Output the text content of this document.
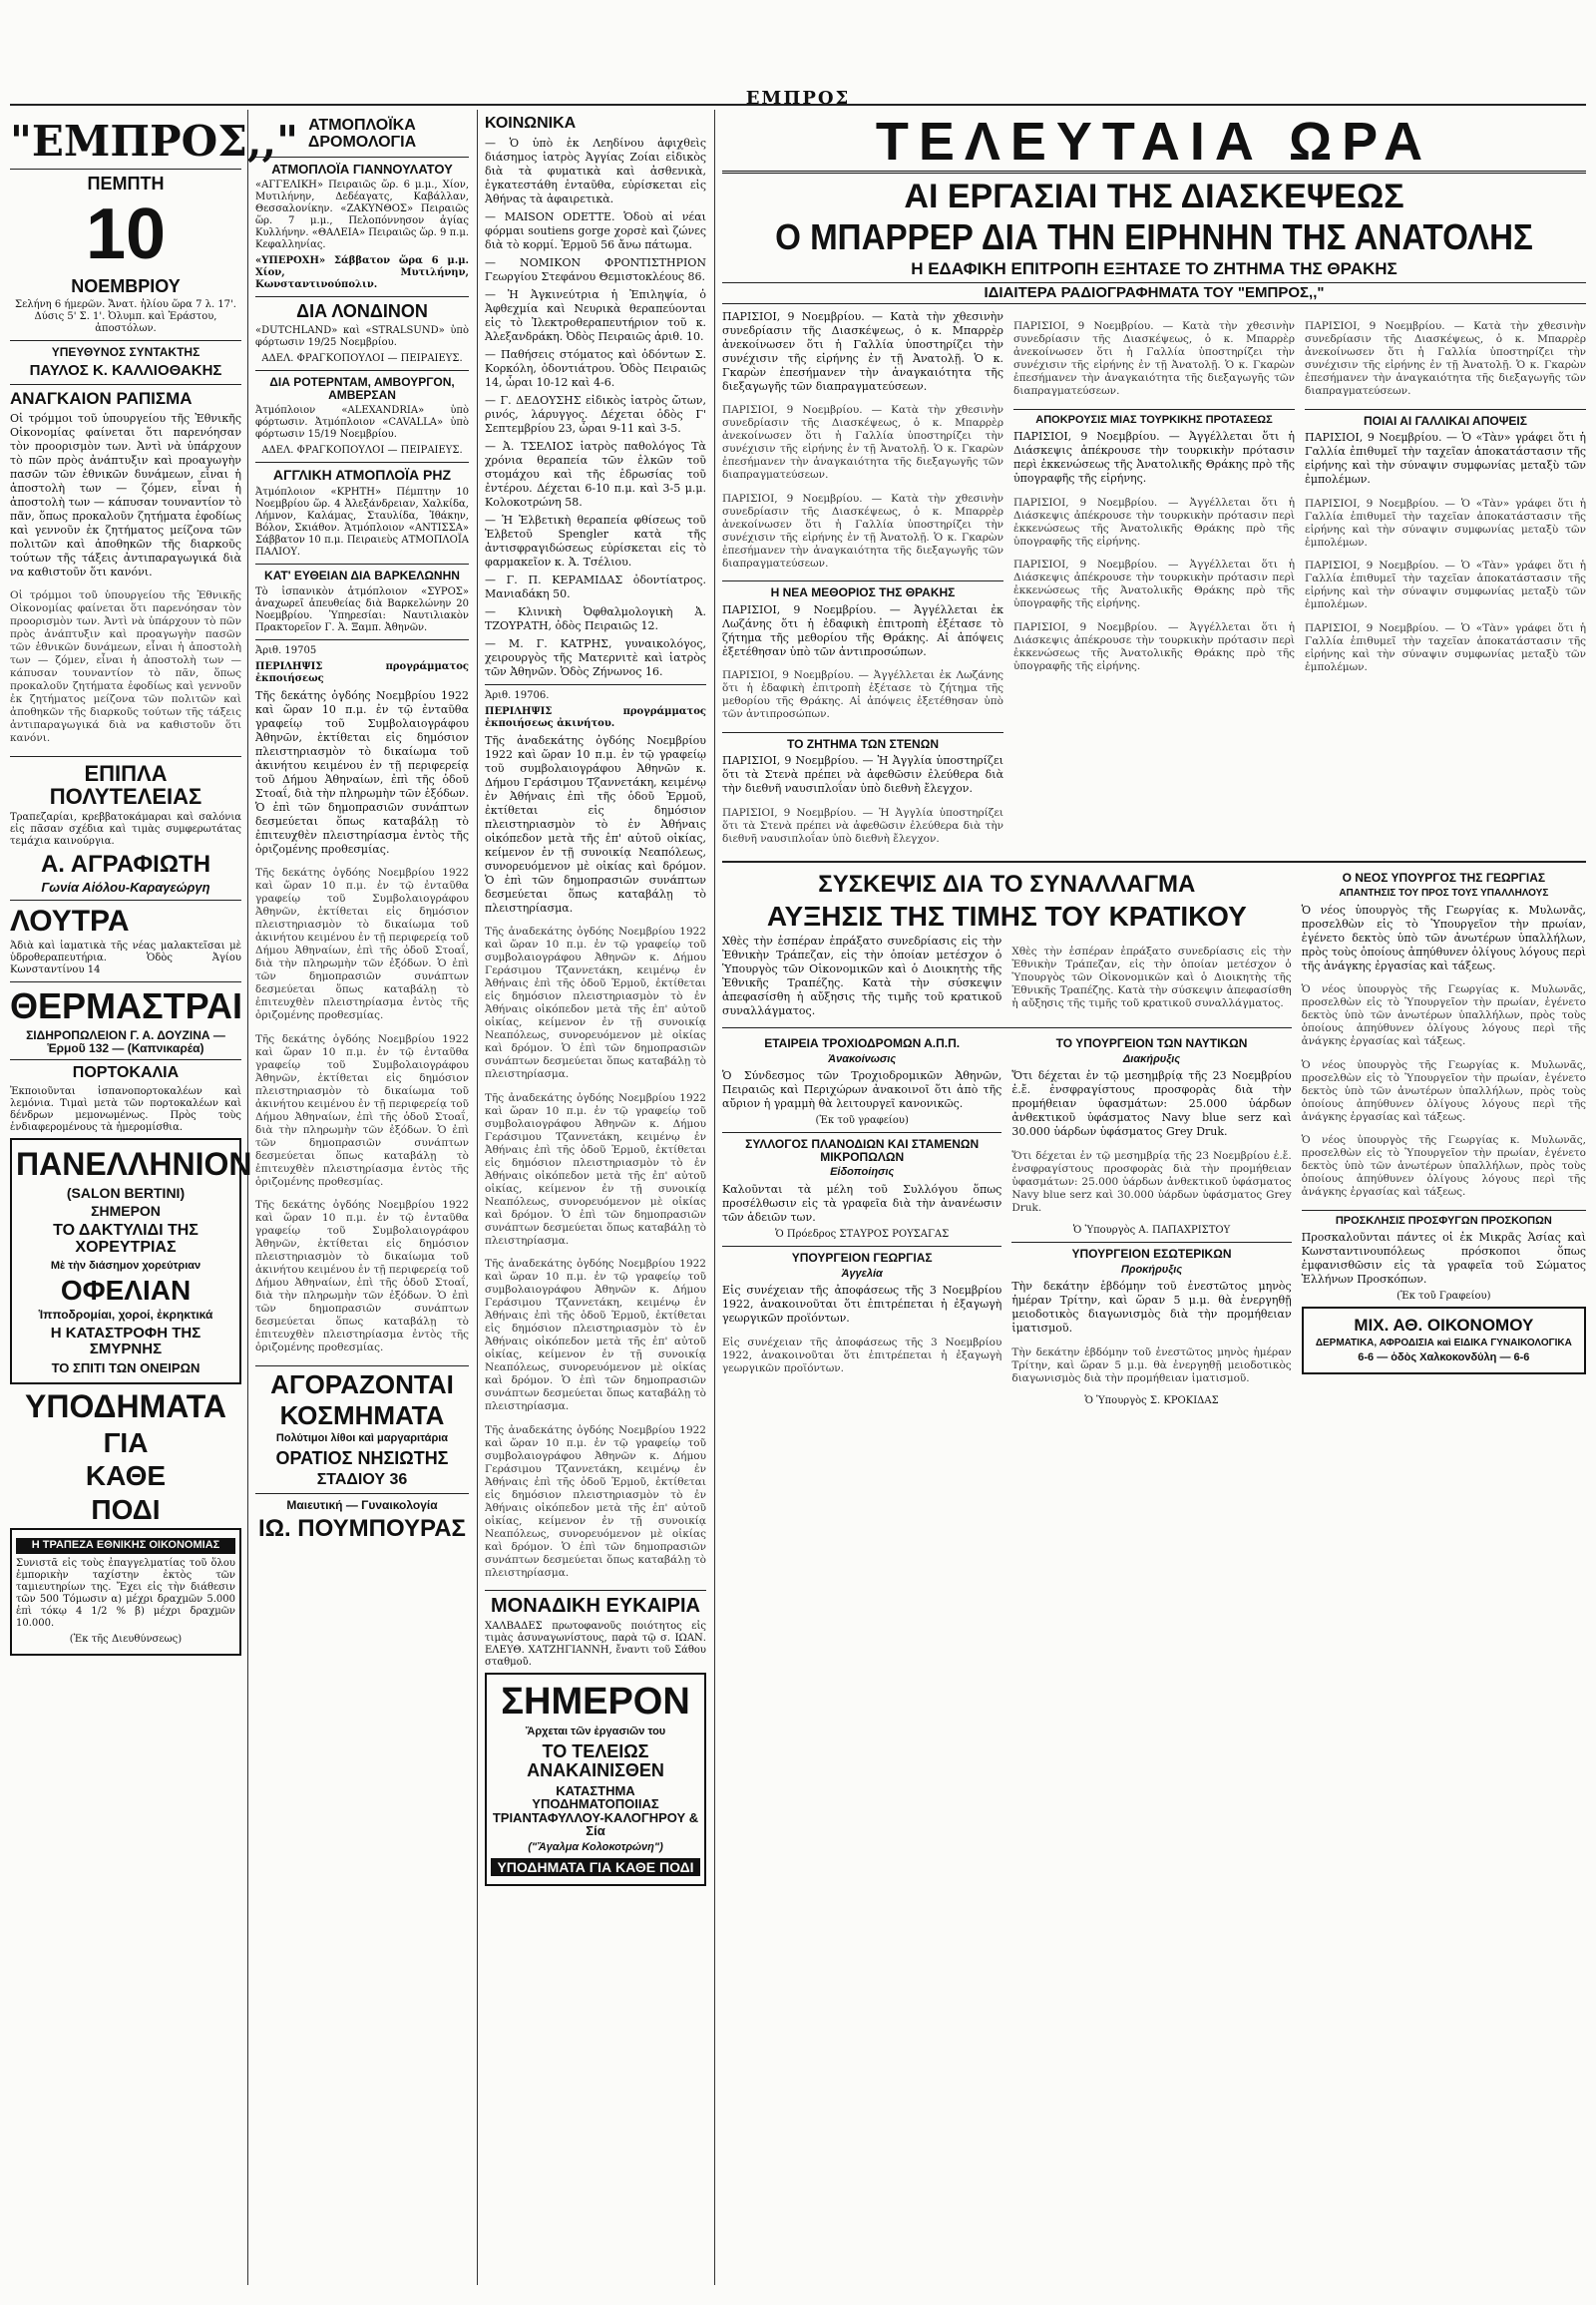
ΕΜΠΡΟΣ
"ΕΜΠΡΟΣ,,"
ΠΕΜΠΤΗ
10
ΝΟΕΜΒΡΙΟΥ

Σελήνη 6 ήμερῶν. Ἄνατ. ἡλίου ὥρα 7 λ. 17'. Δύσις 5' Σ. 1'. Ὀλυμπ. καὶ Ἐράστου, ἀποστόλων.

ΥΠΕΥΘΥΝΟΣ ΣΥΝΤΑΚΤΗΣ
ΠΑΥΛΟΣ Κ. ΚΑΛΛΙΟΘΑΚΗΣ
ΑΝΑΓΚΑΙΟΝ ΡΑΠΙΣΜΑ

Οἱ τρόμμοι τοῦ ὑπουργείου τῆς Ἐθνικῆς Οἰκονομίας φαίνεται ὅτι παρενόησαν τὸν προορισμὸν των. Ἀντὶ νὰ ὑπάρχουν τὸ πῶν πρὸς ἀνάπτυξιν καὶ προαγωγὴν πασῶν τῶν ἐθνικῶν δυνάμεων, εἶναι ἡ ἀποστολὴ των — ζόμεν, εἶναι ἡ ἀποστολὴ των — κάπυσαν τουναντίον τὸ πᾶν, ὅπως προκαλοῦν ζητήματα ἐφοδίως καὶ γεννοῦν ἐκ ζητήματος μείζονα τῶν πολιτῶν καὶ ἀποθηκῶν τῆς διαρκοῦς τούτων τῆς τάξεις ἀντιπαραγωγικά διὰ να καθιστοῦν ὅτι κανόνι.

Οἱ τρόμμοι τοῦ ὑπουργείου τῆς Ἐθνικῆς Οἰκονομίας φαίνεται ὅτι παρενόησαν τὸν προορισμὸν των. Ἀντὶ νὰ ὑπάρχουν τὸ πῶν πρὸς ἀνάπτυξιν καὶ προαγωγὴν πασῶν τῶν ἐθνικῶν δυνάμεων, εἶναι ἡ ἀποστολὴ των — ζόμεν, εἶναι ἡ ἀποστολὴ των — κάπυσαν τουναντίον τὸ πᾶν, ὅπως προκαλοῦν ζητήματα ἐφοδίως καὶ γεννοῦν ἐκ ζητήματος μείζονα τῶν πολιτῶν καὶ ἀποθηκῶν τῆς διαρκοῦς τούτων τῆς τάξεις ἀντιπαραγωγικά διὰ να καθιστοῦν ὅτι κανόνι.

ΕΠΙΠΛΑ ΠΟΛΥΤΕΛΕΙΑΣ

Τραπεζαρίαι, κρεββατοκάμαραι καὶ σαλόνια εἰς πᾶσαν σχέδια καὶ τιμὰς συμφερωτάτας τεμάχια καινούργια.

Α. ΑΓΡΑΦΙΩΤΗ
Γωνία Αἰόλου-Καραγεώργη
ΛΟΥΤΡΑ

Ἀδιὰ καὶ ἰαματικὰ τῆς νέας μαλακτεῖσαι μὲ ὑδροθεραπευτήρια. Ὁδὸς Ἀγίου Κωνσταντίνου 14

ΘΕΡΜΑΣΤΡΑΙ
ΣΙΔΗΡΟΠΩΛΕΙΟΝ Γ. Α. ΔΟΥΖΙΝΑ — Ἑρμοῦ 132 — (Καπνικαρέα)
ΠΟΡΤΟΚΑΛΙΑ

Ἐκποιοῦνται ἰσπανοπορτοκαλέων καὶ λεμόνια. Τιμαὶ μετὰ τῶν πορτοκαλέων καὶ δένδρων μεμονωμένως. Πρὸς τοὺς ἐνδιαφερομένους τὰ ἡμερομίσθια.

ΠΑΝΕΛΛΗΝΙΟΝ
(SALON BERTINI)
ΣΗΜΕΡΟΝ
ΤΟ ΔΑΚΤΥΛΙΔΙ ΤΗΣ ΧΟΡΕΥΤΡΙΑΣ
Μὲ τὴν διάσημον χορεύτριαν
ΟΦΕΛΙΑΝ
Ἱπποδρομίαι, χοροί, ἐκρηκτικά
Η ΚΑΤΑΣΤΡΟΦΗ ΤΗΣ ΣΜΥΡΝΗΣ
ΤΟ ΣΠΙΤΙ ΤΩΝ ΟΝΕΙΡΩΝ
ΥΠΟΔΗΜΑΤΑ
ΓΙΑ
ΚΑΘΕ
ΠΟΔΙ
Η ΤΡΑΠΕΖΑ ΕΘΝΙΚΗΣ ΟΙΚΟΝΟΜΙΑΣ

Συνιστᾶ εἰς τοὺς ἐπαγγελματίας τοῦ ὅλου ἐμπορικὴν ταχίστην ἐκτὸς τῶν ταμιευτηρίων της. Ἔχει εἰς τὴν διάθεσιν τῶν 500 Τόμωσιν α) μέχρι δραχμῶν 5.000 ἐπὶ τόκῳ 4 1/2 % β) μέχρι δραχμῶν 10.000.

(Ἐκ τῆς Διευθύνσεως)

ΑΤΜΟΠΛΟΪΚΑ ΔΡΟΜΟΛΟΓΙΑ
ΑΤΜΟΠΛΟΪΑ ΓΙΑΝΝΟΥΛΑΤΟΥ

«ΑΓΓΕΛΙΚΗ» Πειραιῶς ὥρ. 6 μ.μ., Χίον, Μυτιλήνην, Δεδέαγατς, Καβάλλαν, Θεσσαλονίκην. «ΖΑΚΥΝΘΟΣ» Πειραιῶς ὥρ. 7 μ.μ., Πελοπόννησον ἀγίας Κυλλήνην. «ΘΑΛΕΙΑ» Πειραιῶς ὥρ. 9 π.μ. Κεφαλληνίας.

«ΥΠΕΡΟΧΗ» Σάββατον ὥρα 6 μ.μ. Χίον, Μυτιλήνην, Κωνσταντινούπολιν.

ΔΙΑ ΛΟΝΔΙΝΟΝ

«DUTCHLAND» καὶ «STRALSUND» ὑπὸ φόρτωσιν 19/25 Νοεμβρίου.

ΑΔΕΛ. ΦΡΑΓΚΟΠΟΥΛΟΙ — ΠΕΙΡΑΙΕΥΣ.

ΔΙΑ ΡΟΤΕΡΝΤΑΜ, ΑΜΒΟΥΡΓΟΝ, ΑΜΒΕΡΣΑΝ

Ἀτμόπλοιον «ALEXANDRIA» ὑπὸ φόρτωσιν. Ἀτμόπλοιον «CAVALLA» ὑπὸ φόρτωσιν 15/19 Νοεμβρίου.

ΑΔΕΛ. ΦΡΑΓΚΟΠΟΥΛΟΙ — ΠΕΙΡΑΙΕΥΣ.

ΑΓΓΛΙΚΗ ΑΤΜΟΠΛΟΪΑ ΡΗΖ

Ἀτμόπλοιον «ΚΡΗΤΗ» Πέμπτην 10 Νοεμβρίου ὥρ. 4 Ἀλεξάνδρειαν, Χαλκίδα, Λήμνον, Καλάμας, Σταυλίδα, Ἰθάκην, Βόλον, Σκιάθον. Ἀτμόπλοιον «ΑΝΤΙΣΣΑ» Σάββατον 10 π.μ. Πειραιεὺς ΑΤΜΟΠΛΟΪΑ ΠΑΛΙΟΥ.

ΚΑΤ' ΕΥΘΕΙΑΝ ΔΙΑ ΒΑΡΚΕΛΩΝΗΝ

Τὸ ἰσπανικὸν ἀτμόπλοιον «ΣΥΡΟΣ» ἀναχωρεῖ ἀπευθείας διὰ Βαρκελώνην 20 Νοεμβρίου. Ὑπηρεσίαι: Ναυτιλιακὸν Πρακτορεῖον Γ. Ἀ. Ξαμπ. Ἀθηνῶν.

Ἀριθ. 19705

ΠΕΡΙΛΗΨΙΣ προγράμματος ἐκποιήσεως

Τῆς δεκάτης ὀγδόης Νοεμβρίου 1922 καὶ ὥραν 10 π.μ. ἐν τῷ ἐνταῦθα γραφείῳ τοῦ Συμβολαιογράφου Ἀθηνῶν, ἐκτίθεται εἰς δημόσιον πλειστηριασμὸν τὸ δικαίωμα τοῦ ἀκινήτου κειμένου ἐν τῇ περιφερείᾳ τοῦ Δήμου Ἀθηναίων, ἐπὶ τῆς ὁδοῦ Στοαΐ, διὰ τὴν πληρωμὴν τῶν ἐξόδων. Ὁ ἐπὶ τῶν δημοπρασιῶν συνάπτων δεσμεύεται ὅπως καταβάλῃ τὸ ἐπιτευχθὲν πλειστηρίασμα ἐντὸς τῆς ὁριζομένης προθεσμίας.

Τῆς δεκάτης ὀγδόης Νοεμβρίου 1922 καὶ ὥραν 10 π.μ. ἐν τῷ ἐνταῦθα γραφείῳ τοῦ Συμβολαιογράφου Ἀθηνῶν, ἐκτίθεται εἰς δημόσιον πλειστηριασμὸν τὸ δικαίωμα τοῦ ἀκινήτου κειμένου ἐν τῇ περιφερείᾳ τοῦ Δήμου Ἀθηναίων, ἐπὶ τῆς ὁδοῦ Στοαΐ, διὰ τὴν πληρωμὴν τῶν ἐξόδων. Ὁ ἐπὶ τῶν δημοπρασιῶν συνάπτων δεσμεύεται ὅπως καταβάλῃ τὸ ἐπιτευχθὲν πλειστηρίασμα ἐντὸς τῆς ὁριζομένης προθεσμίας.

Τῆς δεκάτης ὀγδόης Νοεμβρίου 1922 καὶ ὥραν 10 π.μ. ἐν τῷ ἐνταῦθα γραφείῳ τοῦ Συμβολαιογράφου Ἀθηνῶν, ἐκτίθεται εἰς δημόσιον πλειστηριασμὸν τὸ δικαίωμα τοῦ ἀκινήτου κειμένου ἐν τῇ περιφερείᾳ τοῦ Δήμου Ἀθηναίων, ἐπὶ τῆς ὁδοῦ Στοαΐ, διὰ τὴν πληρωμὴν τῶν ἐξόδων. Ὁ ἐπὶ τῶν δημοπρασιῶν συνάπτων δεσμεύεται ὅπως καταβάλῃ τὸ ἐπιτευχθὲν πλειστηρίασμα ἐντὸς τῆς ὁριζομένης προθεσμίας.

Τῆς δεκάτης ὀγδόης Νοεμβρίου 1922 καὶ ὥραν 10 π.μ. ἐν τῷ ἐνταῦθα γραφείῳ τοῦ Συμβολαιογράφου Ἀθηνῶν, ἐκτίθεται εἰς δημόσιον πλειστηριασμὸν τὸ δικαίωμα τοῦ ἀκινήτου κειμένου ἐν τῇ περιφερείᾳ τοῦ Δήμου Ἀθηναίων, ἐπὶ τῆς ὁδοῦ Στοαΐ, διὰ τὴν πληρωμὴν τῶν ἐξόδων. Ὁ ἐπὶ τῶν δημοπρασιῶν συνάπτων δεσμεύεται ὅπως καταβάλῃ τὸ ἐπιτευχθὲν πλειστηρίασμα ἐντὸς τῆς ὁριζομένης προθεσμίας.

ΑΓΟΡΑΖΟΝΤΑΙ
ΚΟΣΜΗΜΑΤΑ
Πολύτιμοι λίθοι καὶ μαργαριτάρια
ΟΡΑΤΙΟΣ ΝΗΣΙΩΤΗΣ
ΣΤΑΔΙΟΥ 36
Μαιευτική — Γυναικολογία
ΙΩ. ΠΟΥΜΠΟΥΡΑΣ
ΚΟΙΝΩΝΙΚΑ

— Ὁ ὑπὸ ἐκ Λεηδίνου ἀφιχθεὶς διάσημος ἰατρὸς Ἀγγίας Ζοίαι εἰδικὸς διὰ τὰ φυματικὰ καὶ ἀσθενικὰ, ἐγκατεστάθη ἐνταῦθα, εὑρίσκεται εἰς Ἀθήνας τὰ ἀφαιρετικὰ.

— MAISON ODETTE. Ὁδοὺ αἱ νέαι φόρμαι soutiens gorge χορσὲ καὶ ζώνες διὰ τὸ κορμί. Ἑρμοῦ 56 ἄνω πάτωμα.

— ΝΟΜΙΚΟΝ ΦΡΟΝΤΙΣΤΗΡΙΟΝ Γεωργίου Στεφάνου Θεμιστοκλέους 86.

— Ἡ Ἀγκινεύτρια ἡ Ἐπιληψία, ὁ Ἀφθεχμία καὶ Νευρικὰ θεραπεύονται εἰς τὸ Ἰλεκτροθεραπευτήριον τοῦ κ. Ἀλεξανδράκη. Ὀδὸς Πειραιῶς ἀριθ. 10.

— Παθήσεις στόματος καὶ ὀδόντων Σ. Κορκόλη, ὀδοντιάτρου. Ὁδὸς Πειραιῶς 14, ὧραι 10-12 καὶ 4-6.

— Γ. ΔΕΔΟΥΣΗΣ εἰδικὸς ἰατρὸς ὤτων, ρινός, λάρυγγος. Δέχεται ὁδὸς Γ' Σεπτεμβρίου 23, ὧραι 9-11 καὶ 3-5.

— Ἀ. ΤΣΕΛΙΟΣ ἰατρὸς παθολόγος Τὰ χρόνια θεραπεία τῶν ἐλκῶν τοῦ στομάχου καὶ τῆς ἐδρωσίας τοῦ ἐντέρου. Δέχεται 6-10 π.μ. καὶ 3-5 μ.μ. Κολοκοτρώνη 58.

— Ἡ Ἑλβετικὴ θεραπεία φθίσεως τοῦ Ἐλβετοῦ Spengler κατὰ τῆς ἀντισφραγιδώσεως εὑρίσκεται εἰς τὸ φαρμακεῖον κ. Ἀ. Τσέλιου.

— Γ. Π. ΚΕΡΑΜΙΔΑΣ ὀδοντίατρος. Μανιαδάκη 50.

— Κλινικὴ Ὀφθαλμολογικὴ Ἀ. ΤΖΟΥΡΑΤΗ, ὁδὸς Πειραιῶς 12.

— Μ. Γ. ΚΑΤΡΗΣ, γυναικολόγος, χειρουργὸς τῆς Ματερνιτὲ καὶ ἰατρὸς τῶν Ἀθηνῶν. Ὁδὸς Ζήνωνος 16.

Ἀριθ. 19706.

ΠΕΡΙΛΗΨΙΣ προγράμματος ἐκποιήσεως ἀκινήτου.

Τῆς ἀναδεκάτης ὀγδόης Νοεμβρίου 1922 καὶ ὥραν 10 π.μ. ἐν τῷ γραφείῳ τοῦ συμβολαιογράφου Ἀθηνῶν κ. Δήμου Γεράσιμου Τζαννετάκη, κειμένῳ ἐν Ἀθήναις ἐπὶ τῆς ὁδοῦ Ἑρμοῦ, ἐκτίθεται εἰς δημόσιον πλειστηριασμὸν τὸ ἐν Ἀθήναις οἰκόπεδον μετὰ τῆς ἐπ' αὐτοῦ οἰκίας, κείμενον ἐν τῇ συνοικίᾳ Νεαπόλεως, συνορευόμενον μὲ οἰκίας καὶ δρόμον. Ὁ ἐπὶ τῶν δημοπρασιῶν συνάπτων δεσμεύεται ὅπως καταβάλῃ τὸ πλειστηρίασμα.

Τῆς ἀναδεκάτης ὀγδόης Νοεμβρίου 1922 καὶ ὥραν 10 π.μ. ἐν τῷ γραφείῳ τοῦ συμβολαιογράφου Ἀθηνῶν κ. Δήμου Γεράσιμου Τζαννετάκη, κειμένῳ ἐν Ἀθήναις ἐπὶ τῆς ὁδοῦ Ἑρμοῦ, ἐκτίθεται εἰς δημόσιον πλειστηριασμὸν τὸ ἐν Ἀθήναις οἰκόπεδον μετὰ τῆς ἐπ' αὐτοῦ οἰκίας, κείμενον ἐν τῇ συνοικίᾳ Νεαπόλεως, συνορευόμενον μὲ οἰκίας καὶ δρόμον. Ὁ ἐπὶ τῶν δημοπρασιῶν συνάπτων δεσμεύεται ὅπως καταβάλῃ τὸ πλειστηρίασμα.

Τῆς ἀναδεκάτης ὀγδόης Νοεμβρίου 1922 καὶ ὥραν 10 π.μ. ἐν τῷ γραφείῳ τοῦ συμβολαιογράφου Ἀθηνῶν κ. Δήμου Γεράσιμου Τζαννετάκη, κειμένῳ ἐν Ἀθήναις ἐπὶ τῆς ὁδοῦ Ἑρμοῦ, ἐκτίθεται εἰς δημόσιον πλειστηριασμὸν τὸ ἐν Ἀθήναις οἰκόπεδον μετὰ τῆς ἐπ' αὐτοῦ οἰκίας, κείμενον ἐν τῇ συνοικίᾳ Νεαπόλεως, συνορευόμενον μὲ οἰκίας καὶ δρόμον. Ὁ ἐπὶ τῶν δημοπρασιῶν συνάπτων δεσμεύεται ὅπως καταβάλῃ τὸ πλειστηρίασμα.

Τῆς ἀναδεκάτης ὀγδόης Νοεμβρίου 1922 καὶ ὥραν 10 π.μ. ἐν τῷ γραφείῳ τοῦ συμβολαιογράφου Ἀθηνῶν κ. Δήμου Γεράσιμου Τζαννετάκη, κειμένῳ ἐν Ἀθήναις ἐπὶ τῆς ὁδοῦ Ἑρμοῦ, ἐκτίθεται εἰς δημόσιον πλειστηριασμὸν τὸ ἐν Ἀθήναις οἰκόπεδον μετὰ τῆς ἐπ' αὐτοῦ οἰκίας, κείμενον ἐν τῇ συνοικίᾳ Νεαπόλεως, συνορευόμενον μὲ οἰκίας καὶ δρόμον. Ὁ ἐπὶ τῶν δημοπρασιῶν συνάπτων δεσμεύεται ὅπως καταβάλῃ τὸ πλειστηρίασμα.

Τῆς ἀναδεκάτης ὀγδόης Νοεμβρίου 1922 καὶ ὥραν 10 π.μ. ἐν τῷ γραφείῳ τοῦ συμβολαιογράφου Ἀθηνῶν κ. Δήμου Γεράσιμου Τζαννετάκη, κειμένῳ ἐν Ἀθήναις ἐπὶ τῆς ὁδοῦ Ἑρμοῦ, ἐκτίθεται εἰς δημόσιον πλειστηριασμὸν τὸ ἐν Ἀθήναις οἰκόπεδον μετὰ τῆς ἐπ' αὐτοῦ οἰκίας, κείμενον ἐν τῇ συνοικίᾳ Νεαπόλεως, συνορευόμενον μὲ οἰκίας καὶ δρόμον. Ὁ ἐπὶ τῶν δημοπρασιῶν συνάπτων δεσμεύεται ὅπως καταβάλῃ τὸ πλειστηρίασμα.

ΜΟΝΑΔΙΚΗ ΕΥΚΑΙΡΙΑ

ΧΑΛΒΑΔΕΣ πρωτοφανοῦς ποιότητος εἰς τιμὰς ἀσυναγωνίστους, παρὰ τῷ σ. ΙΩΑΝ. ΕΛΕΥΘ. ΧΑΤΖΗΓΙΑΝΝΗ, ἔναντι τοῦ Σάθου σταθμοῦ.

ΣΗΜΕΡΟΝ
Ἄρχεται τῶν ἐργασιῶν του
ΤΟ ΤΕΛΕΙΩΣ ΑΝΑΚΑΙΝΙΣΘΕΝ
ΚΑΤΑΣΤΗΜΑ ΥΠΟΔΗΜΑΤΟΠΟΙΙΑΣ ΤΡΙΑΝΤΑΦΥΛΛΟΥ-ΚΑΛΟΓΗΡΟΥ & Σία
("Ἄγαλμα Κολοκοτρώνη")
ΥΠΟΔΗΜΑΤΑ ΓΙΑ ΚΑΘΕ ΠΟΔΙ
ΤΕΛΕΥΤΑΙΑ ΩΡΑ
ΑΙ ΕΡΓΑΣΙΑΙ ΤΗΣ ΔΙΑΣΚΕΨΕΩΣ
Ο ΜΠΑΡΡΕΡ ΔΙΑ ΤΗΝ ΕΙΡΗΝΗΝ ΤΗΣ ΑΝΑΤΟΛΗΣ
Η ΕΔΑΦΙΚΗ ΕΠΙΤΡΟΠΗ ΕΞΗΤΑΣΕ ΤΟ ΖΗΤΗΜΑ ΤΗΣ ΘΡΑΚΗΣ
ΙΔΙΑΙΤΕΡΑ ΡΑΔΙΟΓΡΑΦΗΜΑΤΑ ΤΟΥ "ΕΜΠΡΟΣ,,"

ΠΑΡΙΣΙΟΙ, 9 Νοεμβρίου. — Κατὰ τὴν χθεσινὴν συνεδρίασιν τῆς Διασκέψεως, ὁ κ. Μπαρρὲρ ἀνεκοίνωσεν ὅτι ἡ Γαλλία ὑποστηρίζει τὴν συνέχισιν τῆς εἰρήνης ἐν τῇ Ἀνατολῇ. Ὁ κ. Γκαρὼν ἐπεσήμανεν τὴν ἀναγκαιότητα τῆς διεξαγωγῆς τῶν διαπραγματεύσεων.

ΠΑΡΙΣΙΟΙ, 9 Νοεμβρίου. — Κατὰ τὴν χθεσινὴν συνεδρίασιν τῆς Διασκέψεως, ὁ κ. Μπαρρὲρ ἀνεκοίνωσεν ὅτι ἡ Γαλλία ὑποστηρίζει τὴν συνέχισιν τῆς εἰρήνης ἐν τῇ Ἀνατολῇ. Ὁ κ. Γκαρὼν ἐπεσήμανεν τὴν ἀναγκαιότητα τῆς διεξαγωγῆς τῶν διαπραγματεύσεων.

ΠΑΡΙΣΙΟΙ, 9 Νοεμβρίου. — Κατὰ τὴν χθεσινὴν συνεδρίασιν τῆς Διασκέψεως, ὁ κ. Μπαρρὲρ ἀνεκοίνωσεν ὅτι ἡ Γαλλία ὑποστηρίζει τὴν συνέχισιν τῆς εἰρήνης ἐν τῇ Ἀνατολῇ. Ὁ κ. Γκαρὼν ἐπεσήμανεν τὴν ἀναγκαιότητα τῆς διεξαγωγῆς τῶν διαπραγματεύσεων.

Η ΝΕΑ ΜΕΘΟΡΙΟΣ ΤΗΣ ΘΡΑΚΗΣ

ΠΑΡΙΣΙΟΙ, 9 Νοεμβρίου. — Ἀγγέλλεται ἐκ Λωζάνης ὅτι ἡ ἐδαφικὴ ἐπιτροπὴ ἐξέτασε τὸ ζήτημα τῆς μεθορίου τῆς Θράκης. Αἱ ἀπόψεις ἐξετέθησαν ὑπὸ τῶν ἀντιπροσώπων.

ΠΑΡΙΣΙΟΙ, 9 Νοεμβρίου. — Ἀγγέλλεται ἐκ Λωζάνης ὅτι ἡ ἐδαφικὴ ἐπιτροπὴ ἐξέτασε τὸ ζήτημα τῆς μεθορίου τῆς Θράκης. Αἱ ἀπόψεις ἐξετέθησαν ὑπὸ τῶν ἀντιπροσώπων.

ΤΟ ΖΗΤΗΜΑ ΤΩΝ ΣΤΕΝΩΝ

ΠΑΡΙΣΙΟΙ, 9 Νοεμβρίου. — Ἡ Ἀγγλία ὑποστηρίζει ὅτι τὰ Στενὰ πρέπει νὰ ἀφεθῶσιν ἐλεύθερα διὰ τὴν διεθνῆ ναυσιπλοΐαν ὑπὸ διεθνὴ ἔλεγχον.

ΠΑΡΙΣΙΟΙ, 9 Νοεμβρίου. — Ἡ Ἀγγλία ὑποστηρίζει ὅτι τὰ Στενὰ πρέπει νὰ ἀφεθῶσιν ἐλεύθερα διὰ τὴν διεθνῆ ναυσιπλοΐαν ὑπὸ διεθνὴ ἔλεγχον.

ΠΑΡΙΣΙΟΙ, 9 Νοεμβρίου. — Κατὰ τὴν χθεσινὴν συνεδρίασιν τῆς Διασκέψεως, ὁ κ. Μπαρρὲρ ἀνεκοίνωσεν ὅτι ἡ Γαλλία ὑποστηρίζει τὴν συνέχισιν τῆς εἰρήνης ἐν τῇ Ἀνατολῇ. Ὁ κ. Γκαρὼν ἐπεσήμανεν τὴν ἀναγκαιότητα τῆς διεξαγωγῆς τῶν διαπραγματεύσεων.

ΑΠΟΚΡΟΥΣΙΣ ΜΙΑΣ ΤΟΥΡΚΙΚΗΣ ΠΡΟΤΑΣΕΩΣ

ΠΑΡΙΣΙΟΙ, 9 Νοεμβρίου. — Ἀγγέλλεται ὅτι ἡ Διάσκεψις ἀπέκρουσε τὴν τουρκικὴν πρότασιν περὶ ἐκκενώσεως τῆς Ἀνατολικῆς Θράκης πρὸ τῆς ὑπογραφῆς τῆς εἰρήνης.

ΠΑΡΙΣΙΟΙ, 9 Νοεμβρίου. — Ἀγγέλλεται ὅτι ἡ Διάσκεψις ἀπέκρουσε τὴν τουρκικὴν πρότασιν περὶ ἐκκενώσεως τῆς Ἀνατολικῆς Θράκης πρὸ τῆς ὑπογραφῆς τῆς εἰρήνης.

ΠΑΡΙΣΙΟΙ, 9 Νοεμβρίου. — Ἀγγέλλεται ὅτι ἡ Διάσκεψις ἀπέκρουσε τὴν τουρκικὴν πρότασιν περὶ ἐκκενώσεως τῆς Ἀνατολικῆς Θράκης πρὸ τῆς ὑπογραφῆς τῆς εἰρήνης.

ΠΑΡΙΣΙΟΙ, 9 Νοεμβρίου. — Ἀγγέλλεται ὅτι ἡ Διάσκεψις ἀπέκρουσε τὴν τουρκικὴν πρότασιν περὶ ἐκκενώσεως τῆς Ἀνατολικῆς Θράκης πρὸ τῆς ὑπογραφῆς τῆς εἰρήνης.

ΠΑΡΙΣΙΟΙ, 9 Νοεμβρίου. — Κατὰ τὴν χθεσινὴν συνεδρίασιν τῆς Διασκέψεως, ὁ κ. Μπαρρὲρ ἀνεκοίνωσεν ὅτι ἡ Γαλλία ὑποστηρίζει τὴν συνέχισιν τῆς εἰρήνης ἐν τῇ Ἀνατολῇ. Ὁ κ. Γκαρὼν ἐπεσήμανεν τὴν ἀναγκαιότητα τῆς διεξαγωγῆς τῶν διαπραγματεύσεων.

ΠΟΙΑΙ ΑΙ ΓΑΛΛΙΚΑΙ ΑΠΟΨΕΙΣ

ΠΑΡΙΣΙΟΙ, 9 Νοεμβρίου. — Ὁ «Τὰν» γράφει ὅτι ἡ Γαλλία ἐπιθυμεῖ τὴν ταχεῖαν ἀποκατάστασιν τῆς εἰρήνης καὶ τὴν σύναψιν συμφωνίας μεταξὺ τῶν ἐμπολέμων.

ΠΑΡΙΣΙΟΙ, 9 Νοεμβρίου. — Ὁ «Τὰν» γράφει ὅτι ἡ Γαλλία ἐπιθυμεῖ τὴν ταχεῖαν ἀποκατάστασιν τῆς εἰρήνης καὶ τὴν σύναψιν συμφωνίας μεταξὺ τῶν ἐμπολέμων.

ΠΑΡΙΣΙΟΙ, 9 Νοεμβρίου. — Ὁ «Τὰν» γράφει ὅτι ἡ Γαλλία ἐπιθυμεῖ τὴν ταχεῖαν ἀποκατάστασιν τῆς εἰρήνης καὶ τὴν σύναψιν συμφωνίας μεταξὺ τῶν ἐμπολέμων.

ΠΑΡΙΣΙΟΙ, 9 Νοεμβρίου. — Ὁ «Τὰν» γράφει ὅτι ἡ Γαλλία ἐπιθυμεῖ τὴν ταχεῖαν ἀποκατάστασιν τῆς εἰρήνης καὶ τὴν σύναψιν συμφωνίας μεταξὺ τῶν ἐμπολέμων.

ΣΥΣΚΕΨΙΣ ΔΙΑ ΤΟ ΣΥΝΑΛΛΑΓΜΑ
ΑΥΞΗΣΙΣ ΤΗΣ ΤΙΜΗΣ ΤΟΥ ΚΡΑΤΙΚΟΥ

Χθὲς τὴν ἑσπέραν ἐπράξατο συνεδρίασις εἰς τὴν Ἐθνικὴν Τράπεζαν, εἰς τὴν ὁποίαν μετέσχον ὁ Ὑπουργὸς τῶν Οἰκονομικῶν καὶ ὁ Διοικητὴς τῆς Ἐθνικῆς Τραπέζης. Κατὰ τὴν σύσκεψιν ἀπεφασίσθη ἡ αὔξησις τῆς τιμῆς τοῦ κρατικοῦ συναλλάγματος.

Χθὲς τὴν ἑσπέραν ἐπράξατο συνεδρίασις εἰς τὴν Ἐθνικὴν Τράπεζαν, εἰς τὴν ὁποίαν μετέσχον ὁ Ὑπουργὸς τῶν Οἰκονομικῶν καὶ ὁ Διοικητὴς τῆς Ἐθνικῆς Τραπέζης. Κατὰ τὴν σύσκεψιν ἀπεφασίσθη ἡ αὔξησις τῆς τιμῆς τοῦ κρατικοῦ συναλλάγματος.

ΕΤΑΙΡΕΙΑ ΤΡΟΧΙΟΔΡΟΜΩΝ Α.Π.Π.
Ἀνακοίνωσις

Ὁ Σύνδεσμος τῶν Τροχιοδρομικῶν Ἀθηνῶν, Πειραιῶς καὶ Περιχώρων ἀνακοινοῖ ὅτι ἀπὸ τῆς αὔριον ἡ γραμμὴ θὰ λειτουργεῖ κανονικῶς.

(Ἐκ τοῦ γραφείου)

ΣΥΛΛΟΓΟΣ ΠΛΑΝΟΔΙΩΝ ΚΑΙ ΣΤΑΜΕΝΩΝ ΜΙΚΡΟΠΩΛΩΝ
Εἰδοποίησις

Καλοῦνται τὰ μέλη τοῦ Συλλόγου ὅπως προσέλθωσιν εἰς τὰ γραφεῖα διὰ τὴν ἀνανέωσιν τῶν ἀδειῶν των.

Ὁ Πρόεδρος ΣΤΑΥΡΟΣ ΡΟΥΣΑΓΑΣ

ΥΠΟΥΡΓΕΙΟΝ ΓΕΩΡΓΙΑΣ
Ἀγγελία

Εἰς συνέχειαν τῆς ἀποφάσεως τῆς 3 Νοεμβρίου 1922, ἀνακοινοῦται ὅτι ἐπιτρέπεται ἡ ἐξαγωγὴ γεωργικῶν προϊόντων.

Εἰς συνέχειαν τῆς ἀποφάσεως τῆς 3 Νοεμβρίου 1922, ἀνακοινοῦται ὅτι ἐπιτρέπεται ἡ ἐξαγωγὴ γεωργικῶν προϊόντων.

ΤΟ ΥΠΟΥΡΓΕΙΟΝ ΤΩΝ ΝΑΥΤΙΚΩΝ
Διακήρυξις

Ὅτι δέχεται ἐν τῷ μεσημβρίᾳ τῆς 23 Νοεμβρίου ἐ.ἔ. ἐνσφραγίστους προσφορὰς διὰ τὴν προμήθειαν ὑφασμάτων: 25.000 ὑάρδων ἀνθεκτικοῦ ὑφάσματος Navy blue serz καὶ 30.000 ὑάρδων ὑφάσματος Grey Druk.

Ὅτι δέχεται ἐν τῷ μεσημβρίᾳ τῆς 23 Νοεμβρίου ἐ.ἔ. ἐνσφραγίστους προσφορὰς διὰ τὴν προμήθειαν ὑφασμάτων: 25.000 ὑάρδων ἀνθεκτικοῦ ὑφάσματος Navy blue serz καὶ 30.000 ὑάρδων ὑφάσματος Grey Druk.

Ὁ Ὑπουργὸς Α. ΠΑΠΑΧΡΙΣΤΟΥ

ΥΠΟΥΡΓΕΙΟΝ ΕΣΩΤΕΡΙΚΩΝ
Προκήρυξις

Τὴν δεκάτην ἑβδόμην τοῦ ἐνεστῶτος μηνὸς ἡμέραν Τρίτην, καὶ ὥραν 5 μ.μ. θὰ ἐνεργηθῇ μειοδοτικὸς διαγωνισμὸς διὰ τὴν προμήθειαν ἱματισμοῦ.

Τὴν δεκάτην ἑβδόμην τοῦ ἐνεστῶτος μηνὸς ἡμέραν Τρίτην, καὶ ὥραν 5 μ.μ. θὰ ἐνεργηθῇ μειοδοτικὸς διαγωνισμὸς διὰ τὴν προμήθειαν ἱματισμοῦ.

Ὁ Ὑπουργὸς Σ. ΚΡΟΚΙΔΑΣ

Ο ΝΕΟΣ ΥΠΟΥΡΓΟΣ ΤΗΣ ΓΕΩΡΓΙΑΣ
ΑΠΑΝΤΗΣΙΣ ΤΟΥ ΠΡΟΣ ΤΟΥΣ ΥΠΑΛΛΗΛΟΥΣ

Ὁ νέος ὑπουργὸς τῆς Γεωργίας κ. Μυλωνᾶς, προσελθὼν εἰς τὸ Ὑπουργεῖον τὴν πρωίαν, ἐγένετο δεκτὸς ὑπὸ τῶν ἀνωτέρων ὑπαλλήλων, πρὸς τοὺς ὁποίους ἀπηύθυνεν ὀλίγους λόγους περὶ τῆς ἀνάγκης ἐργασίας καὶ τάξεως.

Ὁ νέος ὑπουργὸς τῆς Γεωργίας κ. Μυλωνᾶς, προσελθὼν εἰς τὸ Ὑπουργεῖον τὴν πρωίαν, ἐγένετο δεκτὸς ὑπὸ τῶν ἀνωτέρων ὑπαλλήλων, πρὸς τοὺς ὁποίους ἀπηύθυνεν ὀλίγους λόγους περὶ τῆς ἀνάγκης ἐργασίας καὶ τάξεως.

Ὁ νέος ὑπουργὸς τῆς Γεωργίας κ. Μυλωνᾶς, προσελθὼν εἰς τὸ Ὑπουργεῖον τὴν πρωίαν, ἐγένετο δεκτὸς ὑπὸ τῶν ἀνωτέρων ὑπαλλήλων, πρὸς τοὺς ὁποίους ἀπηύθυνεν ὀλίγους λόγους περὶ τῆς ἀνάγκης ἐργασίας καὶ τάξεως.

Ὁ νέος ὑπουργὸς τῆς Γεωργίας κ. Μυλωνᾶς, προσελθὼν εἰς τὸ Ὑπουργεῖον τὴν πρωίαν, ἐγένετο δεκτὸς ὑπὸ τῶν ἀνωτέρων ὑπαλλήλων, πρὸς τοὺς ὁποίους ἀπηύθυνεν ὀλίγους λόγους περὶ τῆς ἀνάγκης ἐργασίας καὶ τάξεως.

ΠΡΟΣΚΛΗΣΙΣ ΠΡΟΣΦΥΓΩΝ ΠΡΟΣΚΟΠΩΝ

Προσκαλοῦνται πάντες οἱ ἐκ Μικρᾶς Ἀσίας καὶ Κωνσταντινουπόλεως πρόσκοποι ὅπως ἐμφανισθῶσιν εἰς τὰ γραφεῖα τοῦ Σώματος Ἑλλήνων Προσκόπων.

(Ἐκ τοῦ Γραφείου)

ΜΙΧ. ΑΘ. ΟΙΚΟΝΟΜΟΥ
ΔΕΡΜΑΤΙΚΑ, ΑΦΡΟΔΙΣΙΑ καὶ ΕΙΔΙΚΑ ΓΥΝΑΙΚΟΛΟΓΙΚΑ
6-6 — ὁδὸς Χαλκοκονδύλη — 6-6
